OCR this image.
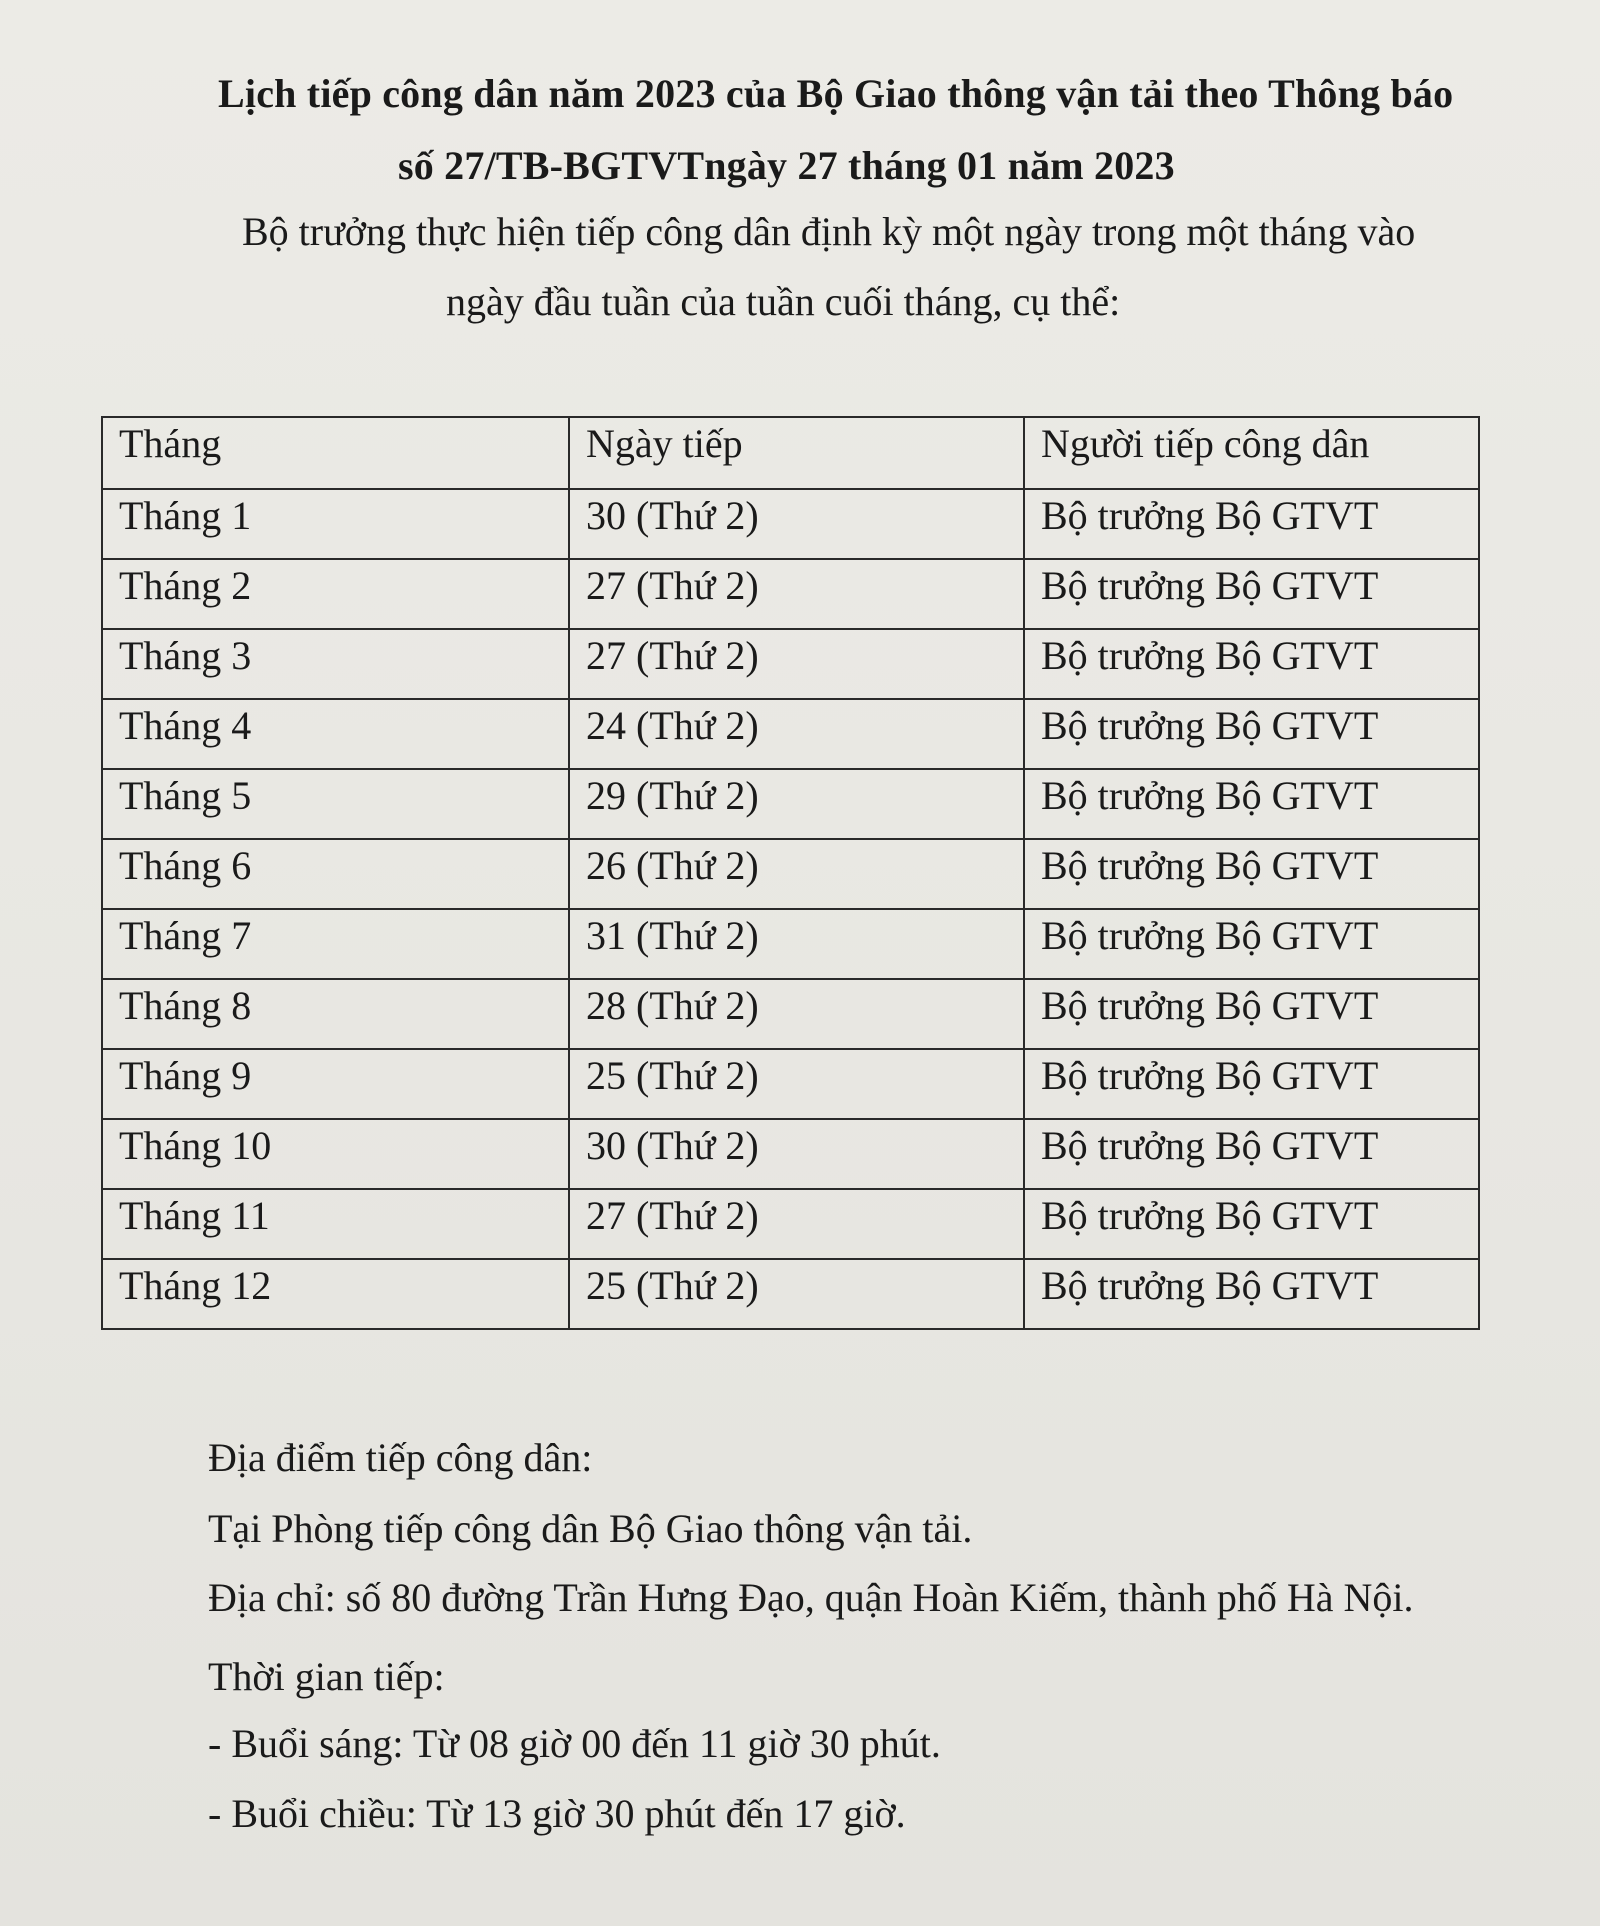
Lịch tiếp công dân năm 2023 của Bộ Giao thông vận tải theo Thông báo
số 27/TB-BGTVTngày 27 tháng 01 năm 2023
Bộ trưởng thực hiện tiếp công dân định kỳ một ngày trong một tháng vào
ngày đầu tuần của tuần cuối tháng, cụ thể:
Tháng	Ngày tiếp	Người tiếp công dân
Tháng 1	30 (Thứ 2)	Bộ trưởng Bộ GTVT
Tháng 2	27 (Thứ 2)	Bộ trưởng Bộ GTVT
Tháng 3	27 (Thứ 2)	Bộ trưởng Bộ GTVT
Tháng 4	24 (Thứ 2)	Bộ trưởng Bộ GTVT
Tháng 5	29 (Thứ 2)	Bộ trưởng Bộ GTVT
Tháng 6	26 (Thứ 2)	Bộ trưởng Bộ GTVT
Tháng 7	31 (Thứ 2)	Bộ trưởng Bộ GTVT
Tháng 8	28 (Thứ 2)	Bộ trưởng Bộ GTVT
Tháng 9	25 (Thứ 2)	Bộ trưởng Bộ GTVT
Tháng 10	30 (Thứ 2)	Bộ trưởng Bộ GTVT
Tháng 11	27 (Thứ 2)	Bộ trưởng Bộ GTVT
Tháng 12	25 (Thứ 2)	Bộ trưởng Bộ GTVT
Địa điểm tiếp công dân:
Tại Phòng tiếp công dân Bộ Giao thông vận tải.
Địa chỉ: số 80 đường Trần Hưng Đạo, quận Hoàn Kiếm, thành phố Hà Nội.
Thời gian tiếp:
- Buổi sáng: Từ 08 giờ 00 đến 11 giờ 30 phút.
- Buổi chiều: Từ 13 giờ 30 phút đến 17 giờ.
